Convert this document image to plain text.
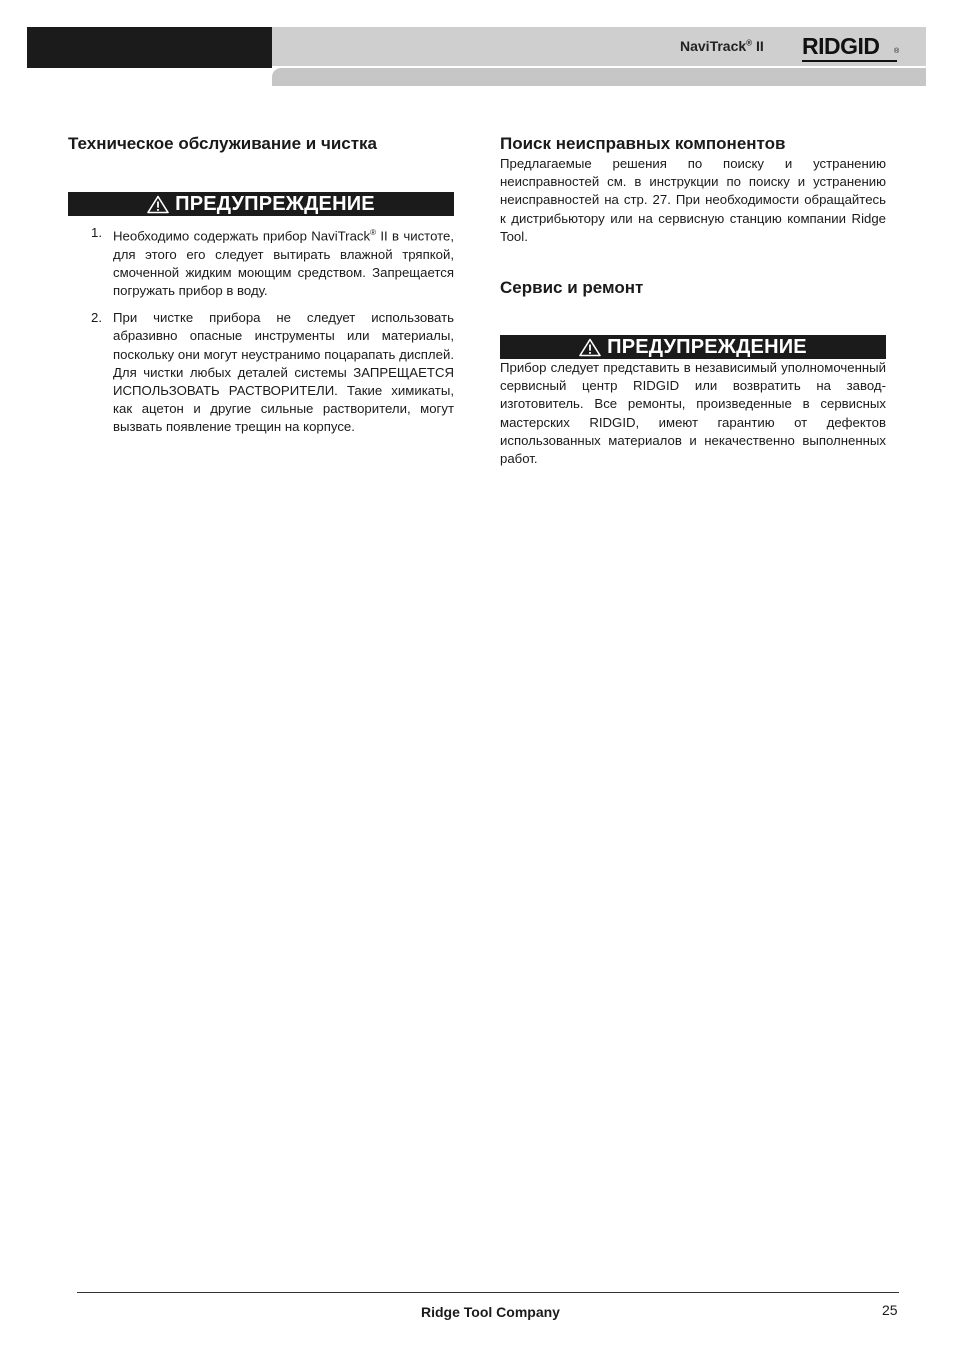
NaviTrack® II RIDGID ®
Техническое обслуживание и чистка
ПРЕДУПРЕЖДЕНИЕ
1. Необходимо содержать прибор NaviTrack® II в чистоте, для этого его следует вытирать влажной тряпкой, смоченной жидким моющим средством. Запрещается погружать прибор в воду.
2. При чистке прибора не следует использовать абразивно опасные инструменты или материалы, поскольку они могут неустранимо поцарапать дисплей. Для чистки любых деталей системы ЗАПРЕЩАЕТСЯ ИСПОЛЬЗОВАТЬ РАСТВОРИТЕЛИ. Такие химикаты, как ацетон и другие сильные растворители, могут вызвать появление трещин на корпусе.
Поиск неисправных компонентов

Предлагаемые решения по поиску и устранению неисправностей см. в инструкции по поиску и устранению неисправностей на стр. 27. При необходимости обращайтесь к дистрибьютору или на сервисную станцию компании Ridge Tool.

Сервис и ремонт
ПРЕДУПРЕЖДЕНИЕ

Прибор следует представить в независимый уполномоченный сервисный центр RIDGID или возвратить на завод-изготовитель. Все ремонты, произведенные в сервисных мастерских RIDGID, имеют гарантию от дефектов использованных материалов и некачественно выполненных работ.

Ridge Tool Company	25
